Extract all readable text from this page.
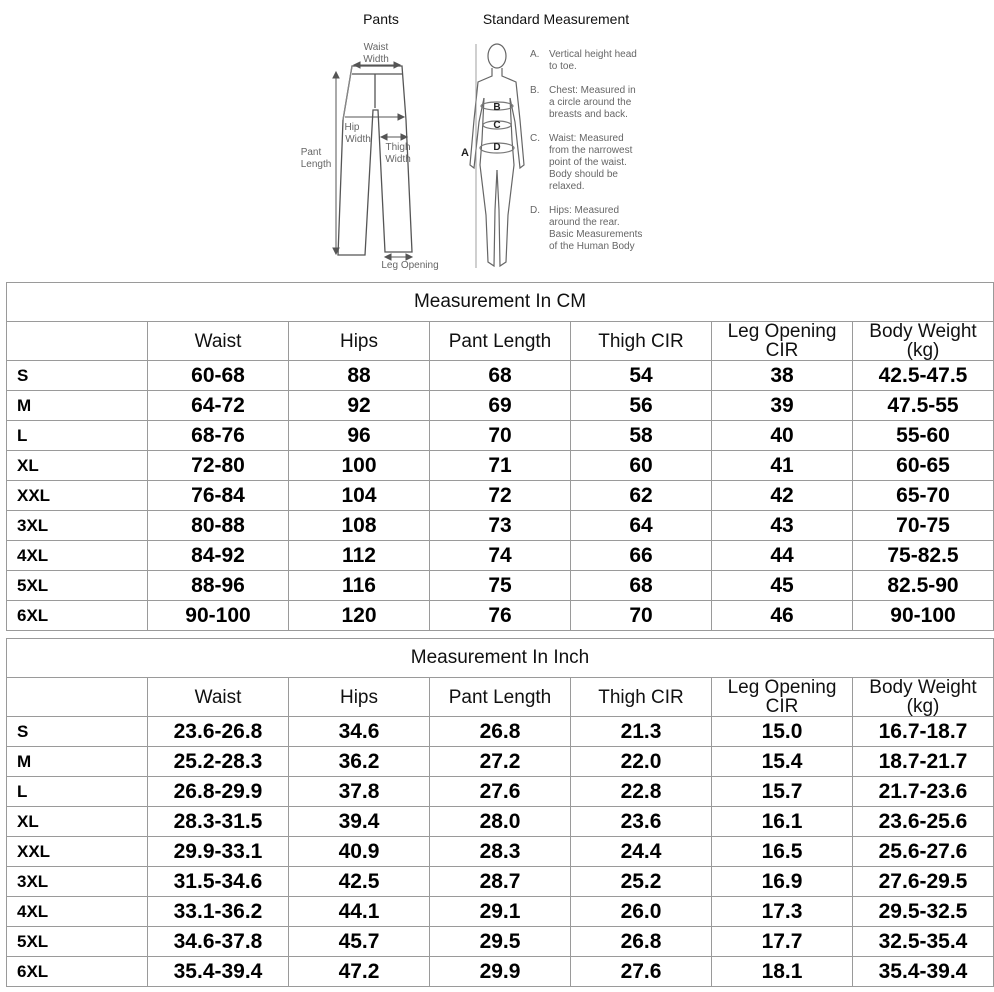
Pants	Standard Measurement
Waist
Width
Hip
Width
Thigh
Width
Pant
Length
Leg Opening
A
B
C
D
A. Vertical height head
to toe.
B. Chest: Measured in
a circle around the
breasts and back.
C. Waist: Measured
from the narrowest
point of the waist.
Body should be
relaxed.
D. Hips: Measured
around the rear.
Basic Measurements
of the Human Body
Measurement In CM						
	Waist	Hips	Pant Length	Thigh CIR	Leg Opening CIR	Body Weight (kg)
S	60-68	88	68	54	38	42.5-47.5
M	64-72	92	69	56	39	47.5-55
L	68-76	96	70	58	40	55-60
XL	72-80	100	71	60	41	60-65
XXL	76-84	104	72	62	42	65-70
3XL	80-88	108	73	64	43	70-75
4XL	84-92	112	74	66	44	75-82.5
5XL	88-96	116	75	68	45	82.5-90
6XL	90-100	120	76	70	46	90-100
Measurement In Inch						
	Waist	Hips	Pant Length	Thigh CIR	Leg Opening CIR	Body Weight (kg)
S	23.6-26.8	34.6	26.8	21.3	15.0	16.7-18.7
M	25.2-28.3	36.2	27.2	22.0	15.4	18.7-21.7
L	26.8-29.9	37.8	27.6	22.8	15.7	21.7-23.6
XL	28.3-31.5	39.4	28.0	23.6	16.1	23.6-25.6
XXL	29.9-33.1	40.9	28.3	24.4	16.5	25.6-27.6
3XL	31.5-34.6	42.5	28.7	25.2	16.9	27.6-29.5
4XL	33.1-36.2	44.1	29.1	26.0	17.3	29.5-32.5
5XL	34.6-37.8	45.7	29.5	26.8	17.7	32.5-35.4
6XL	35.4-39.4	47.2	29.9	27.6	18.1	35.4-39.4
